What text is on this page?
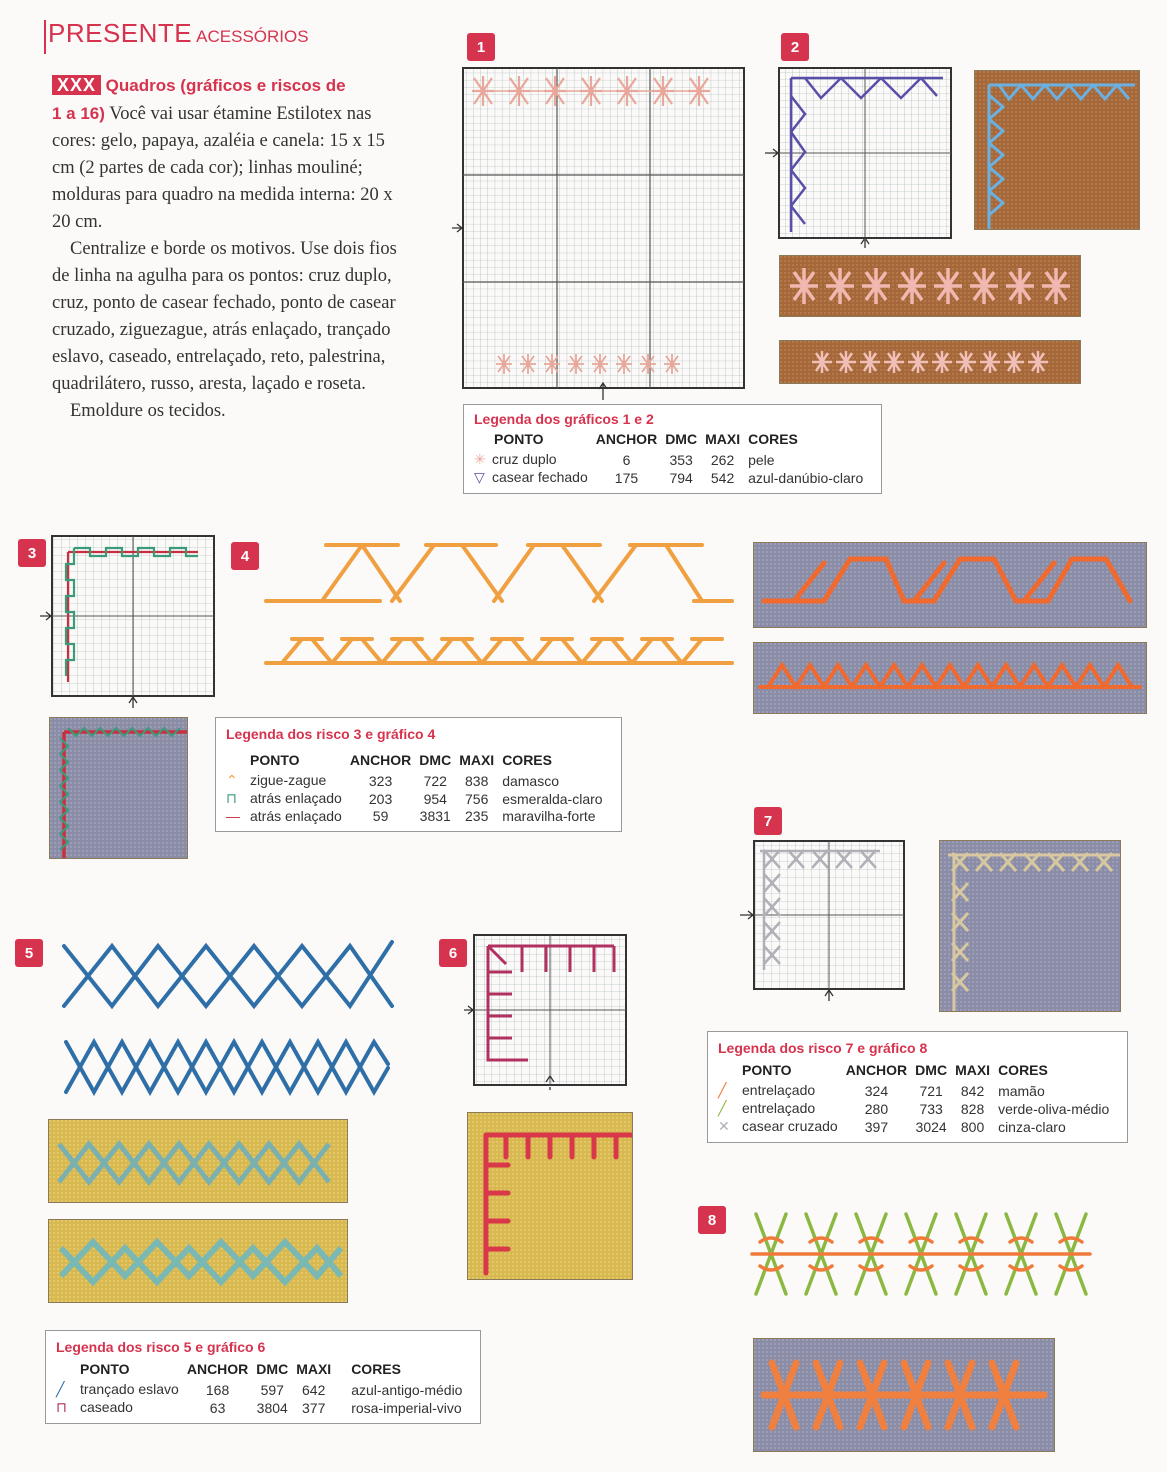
PRESENTE ACESSÓRIOS

XXX Quadros (gráficos e riscos de
1 a 16) Você vai usar étamine Estilotex nas cores: gelo, papaya, azaléia e canela: 15 x 15 cm (2 partes de cada cor); linhas mouliné; molduras para quadro na medida interna: 20 x 20 cm.

Centralize e borde os motivos. Use dois fios de linha na agulha para os pontos: cruz duplo, cruz, ponto de casear fechado, ponto de casear cruzado, ziguezague, atrás enlaçado, trançado eslavo, caseado, entrelaçado, reto, palestrina, quadrilátero, russo, aresta, laçado e roseta.

Emoldure os tecidos.

1	2
3	4
5	6
7
8
Legenda dos gráficos 1 e 2
PONTO	ANCHOR	DMC	MAXI	CORES
✳ cruz duplo	6	353	262	pele
▽ casear fechado	175	794	542	azul-danúbio-claro
Legenda dos risco 3 e gráfico 4
PONTO	ANCHOR	DMC	MAXI	CORES
⌃ zigue-zague	323	722	838	damasco
⊓ atrás enlaçado	203	954	756	esmeralda-claro
— atrás enlaçado	59	3831	235	maravilha-forte
Legenda dos risco 5 e gráfico 6
PONTO	ANCHOR	DMC	MAXI	CORES
╱ trançado eslavo	168	597	642	azul-antigo-médio
⊓ caseado	63	3804	377	rosa-imperial-vivo
Legenda dos risco 7 e gráfico 8
PONTO	ANCHOR	DMC	MAXI	CORES
╱ entrelaçado	324	721	842	mamão
╱ entrelaçado	280	733	828	verde-oliva-médio
✕ casear cruzado	397	3024	800	cinza-claro
